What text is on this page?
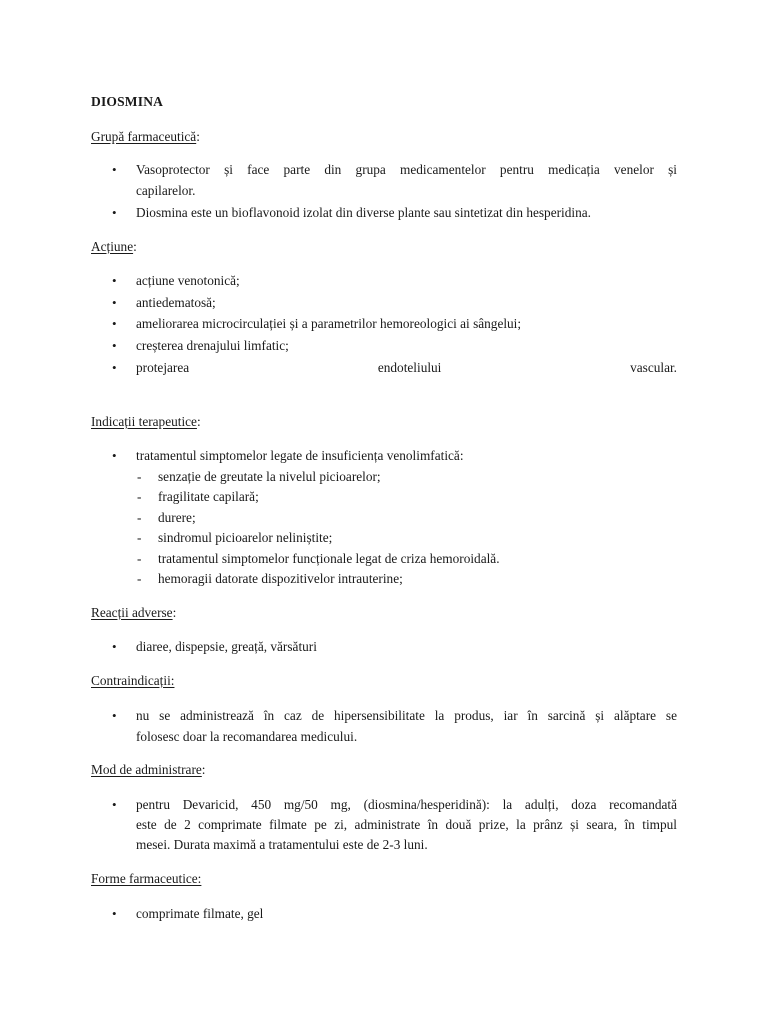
DIOSMINA
Grupă farmaceutică:
•	Vasoprotector și face parte din grupa medicamentelor pentru medicația venelor și
capilarelor.
•	Diosmina este un bioflavonoid izolat din diverse plante sau sintetizat din hesperidina.
Acțiune:
•	acțiune venotonică;
•	antiedematosă;
•	ameliorarea microcirculației și a parametrilor hemoreologici ai sângelui;
•	creșterea drenajului limfatic;
•	protejarea	endoteliului	vascular.
Indicații terapeutice:
•	tratamentul simptomelor legate de insuficiența venolimfatică:
- senzație de greutate la nivelul picioarelor;
- fragilitate capilară;
- durere;
- sindromul picioarelor neliniștite;
- tratamentul simptomelor funcționale legat de criza hemoroidală.
- hemoragii datorate dispozitivelor intrauterine;
Reacții adverse:
•	diaree, dispepsie, greață, vărsături
Contraindicații:
•	nu se administrează în caz de hipersensibilitate la produs, iar în sarcină și alăptare se
folosesc doar la recomandarea medicului.
Mod de administrare:
•	pentru Devaricid, 450 mg/50 mg, (diosmina/hesperidină): la adulți, doza recomandată
este de 2 comprimate filmate pe zi, administrate în două prize, la prânz și seara, în timpul
mesei. Durata maximă a tratamentului este de 2-3 luni.
Forme farmaceutice:
•	comprimate filmate, gel
